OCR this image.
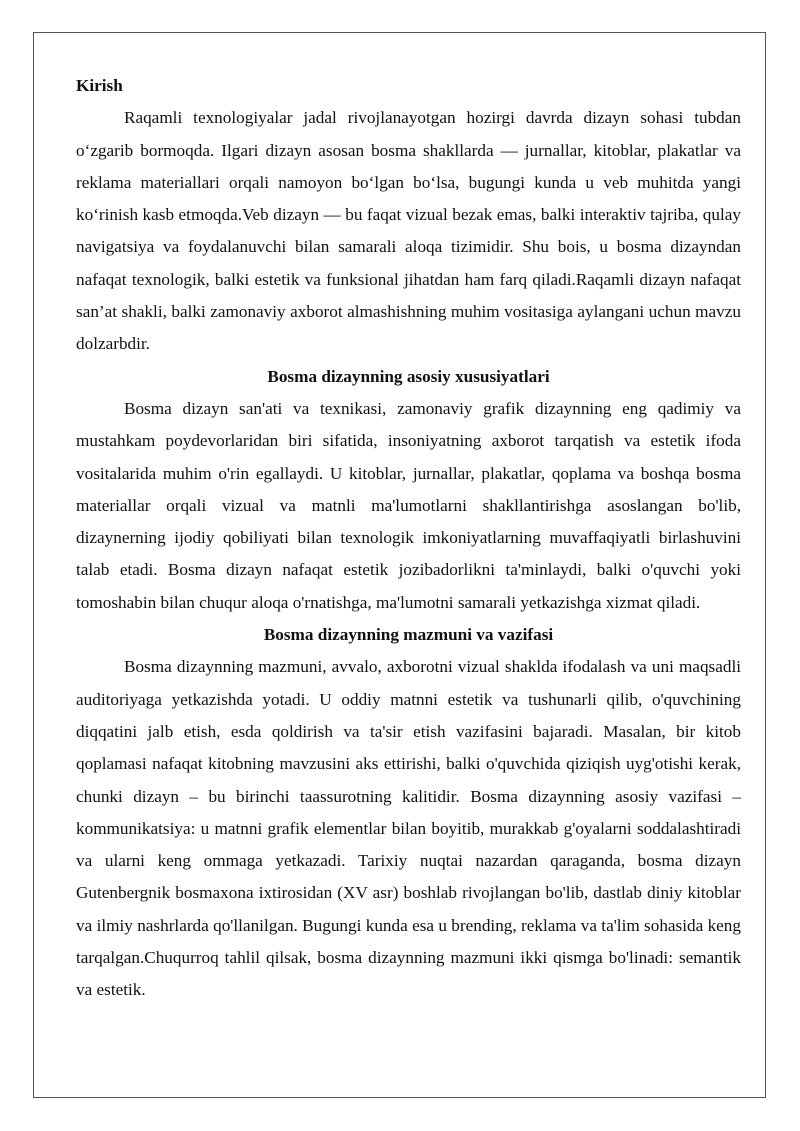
Kirish

Raqamli texnologiyalar jadal rivojlanayotgan hozirgi davrda dizayn sohasi tubdan o‘zgarib bormoqda. Ilgari dizayn asosan bosma shakllarda — jurnallar, kitoblar, plakatlar va reklama materiallari orqali namoyon bo‘lgan bo‘lsa, bugungi kunda u veb muhitda yangi ko‘rinish kasb etmoqda.Veb dizayn — bu faqat vizual bezak emas, balki interaktiv tajriba, qulay navigatsiya va foydalanuvchi bilan samarali aloqa tizimidir. Shu bois, u bosma dizayndan nafaqat texnologik, balki estetik va funksional jihatdan ham farq qiladi.Raqamli dizayn nafaqat san’at shakli, balki zamonaviy axborot almashishning muhim vositasiga aylangani uchun mavzu dolzarbdir.

Bosma dizaynning asosiy xususiyatlari

Bosma dizayn san'ati va texnikasi, zamonaviy grafik dizaynning eng qadimiy va mustahkam poydevorlaridan biri sifatida, insoniyatning axborot tarqatish va estetik ifoda vositalarida muhim o'rin egallaydi. U kitoblar, jurnallar, plakatlar, qoplama va boshqa bosma materiallar orqali vizual va matnli ma'lumotlarni shakllantirishga asoslangan bo'lib, dizaynerning ijodiy qobiliyati bilan texnologik imkoniyatlarning muvaffaqiyatli birlashuvini talab etadi. Bosma dizayn nafaqat estetik jozibadorlikni ta'minlaydi, balki o'quvchi yoki tomoshabin bilan chuqur aloqa o'rnatishga, ma'lumotni samarali yetkazishga xizmat qiladi.

Bosma dizaynning mazmuni va vazifasi

Bosma dizaynning mazmuni, avvalo, axborotni vizual shaklda ifodalash va uni maqsadli auditoriyaga yetkazishda yotadi. U oddiy matnni estetik va tushunarli qilib, o'quvchining diqqatini jalb etish, esda qoldirish va ta'sir etish vazifasini bajaradi. Masalan, bir kitob qoplamasi nafaqat kitobning mavzusini aks ettirishi, balki o'quvchida qiziqish uyg'otishi kerak, chunki dizayn – bu birinchi taassurotning kalitidir. Bosma dizaynning asosiy vazifasi – kommunikatsiya: u matnni grafik elementlar bilan boyitib, murakkab g'oyalarni soddalashtiradi va ularni keng ommaga yetkazadi. Tarixiy nuqtai nazardan qaraganda, bosma dizayn Gutenbergnik bosmaxona ixtirosidan (XV asr) boshlab rivojlangan bo'lib, dastlab diniy kitoblar va ilmiy nashrlarda qo'llanilgan. Bugungi kunda esa u brending, reklama va ta'lim sohasida keng tarqalgan.Chuqurroq tahlil qilsak, bosma dizaynning mazmuni ikki qismga bo'linadi: semantik va estetik.
